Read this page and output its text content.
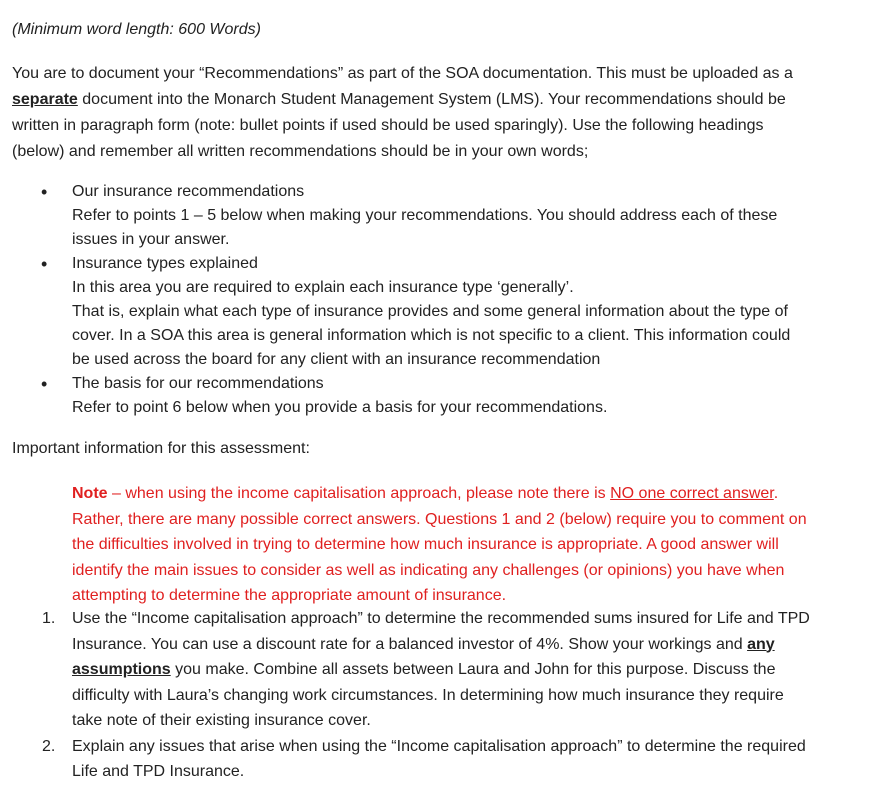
(Minimum word length: 600 Words)

You are to document your “Recommendations” as part of the SOA documentation. This must be uploaded as a separate document into the Monarch Student Management System (LMS). Your recommendations should be written in paragraph form (note: bullet points if used should be used sparingly). Use the following headings (below) and remember all written recommendations should be in your own words;

• Our insurance recommendations
Refer to points 1 – 5 below when making your recommendations. You should address each of these issues in your answer.
• Insurance types explained
In this area you are required to explain each insurance type ‘generally’.
That is, explain what each type of insurance provides and some general information about the type of cover. In a SOA this area is general information which is not specific to a client. This information could be used across the board for any client with an insurance recommendation
• The basis for our recommendations
Refer to point 6 below when you provide a basis for your recommendations.
Important information for this assessment:
Note – when using the income capitalisation approach, please note there is NO one correct answer. Rather, there are many possible correct answers. Questions 1 and 2 (below) require you to comment on the difficulties involved in trying to determine how much insurance is appropriate. A good answer will identify the main issues to consider as well as indicating any challenges (or opinions) you have when attempting to determine the appropriate amount of insurance.
1. Use the “Income capitalisation approach” to determine the recommended sums insured for Life and TPD Insurance. You can use a discount rate for a balanced investor of 4%. Show your workings and any assumptions you make. Combine all assets between Laura and John for this purpose. Discuss the difficulty with Laura’s changing work circumstances. In determining how much insurance they require take note of their existing insurance cover.
2. Explain any issues that arise when using the “Income capitalisation approach” to determine the required Life and TPD Insurance.
